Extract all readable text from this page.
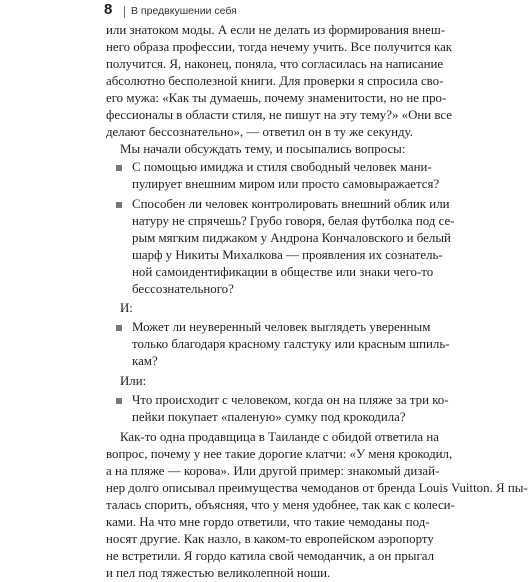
8 В предвкушении себя
или знатоком моды. А если не делать из формирования внеш-
него образа профессии, тогда нечему учить. Все получится как
получится. Я, наконец, поняла, что согласилась на написание
абсолютно бесполезной книги. Для проверки я спросила сво-
его мужа: «Как ты думаешь, почему знаменитости, но не про-
фессионалы в области стиля, не пишут на эту тему?» «Они все
делают бессознательно», — ответил он в ту же секунду.
Мы начали обсуждать тему, и посыпались вопросы:
С помощью имиджа и стиля свободный человек мани-
пулирует внешним миром или просто самовыражается?
Способен ли человек контролировать внешний облик или
натуру не спрячешь? Грубо говоря, белая футболка под се-
рым мягким пиджаком у Андрона Кончаловского и белый
шарф у Никиты Михалкова — проявления их сознатель-
ной самоидентификации в обществе или знаки чего-то
бессознательного?
И:
Может ли неуверенный человек выглядеть уверенным
только благодаря красному галстуку или красным шпиль-
кам?
Или:
Что происходит с человеком, когда он на пляже за три ко-
пейки покупает «паленую» сумку под крокодила?
Как-то одна продавщица в Таиланде с обидой ответила на
вопрос, почему у нее такие дорогие клатчи: «У меня крокодил,
а на пляже — корова». Или другой пример: знакомый дизай-
нер долго описывал преимущества чемоданов от бренда Louis Vuitton. Я пы-
талась спорить, объясняя, что у меня удобнее, так как с колеси-
ками. На что мне гордо ответили, что такие чемоданы под-
носят другие. Как назло, в каком-то европейском аэропорту
не встретили. Я гордо катила свой чемоданчик, а он прыгал
и пел под тяжестью великолепной ноши.
